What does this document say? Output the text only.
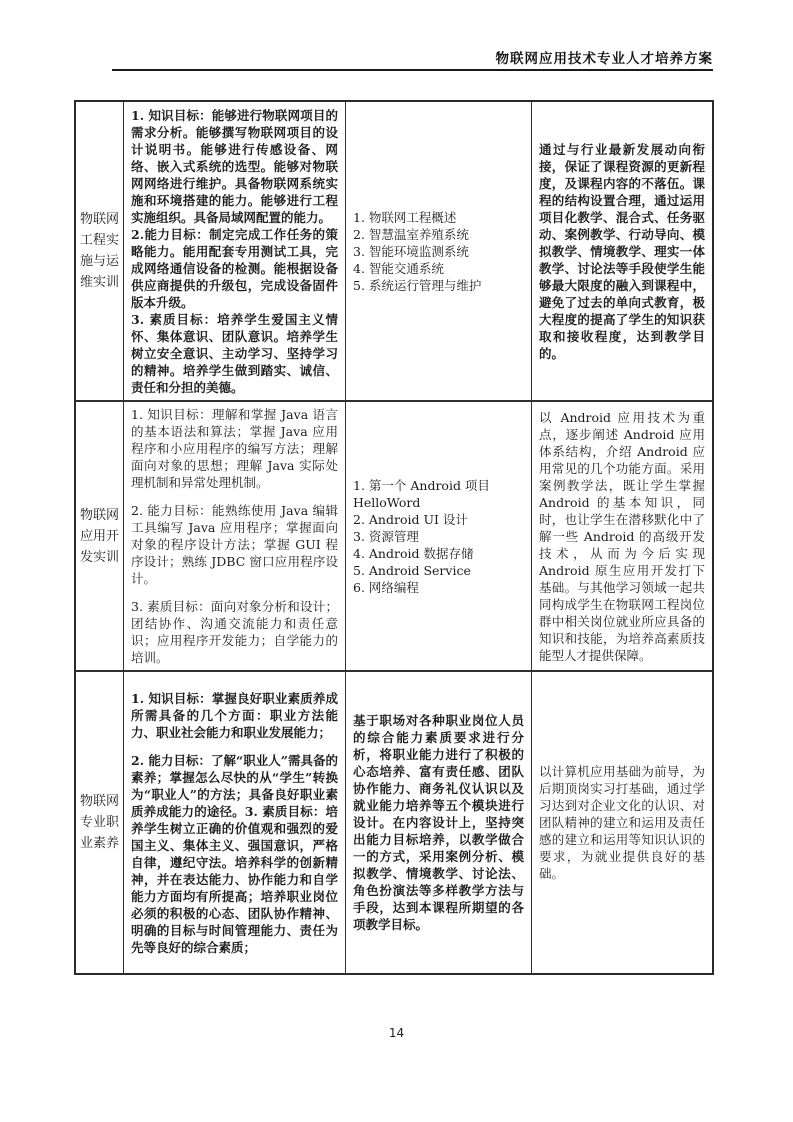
物联网应用技术专业人才培养方案
物联网工程实施与运维实训

1. 知识目标：能够进行物联网项目的需求分析。能够撰写物联网项目的设计说明书。能够进行传感设备、网络、嵌入式系统的选型。能够对物联网网络进行维护。具备物联网系统实施和环境搭建的能力。能够进行工程实施组织。具备局域网配置的能力。

2.能力目标：制定完成工作任务的策略能力。能用配套专用测试工具，完成网络通信设备的检测。能根据设备供应商提供的升级包，完成设备固件版本升级。

3. 素质目标：培养学生爱国主义情怀、集体意识、团队意识。培养学生树立安全意识、主动学习、坚持学习的精神。培养学生做到踏实、诚信、责任和分担的美德。

1. 物联网工程概述

2. 智慧温室养殖系统

3. 智能环境监测系统

4. 智能交通系统

5. 系统运行管理与维护

通过与行业最新发展动向衔接，保证了课程资源的更新程度，及课程内容的不落伍。课程的结构设置合理，通过运用项目化教学、混合式、任务驱动、案例教学、行动导向、模拟教学、情境教学、理实一体教学、讨论法等手段使学生能够最大限度的融入到课程中，避免了过去的单向式教育，极大程度的提高了学生的知识获取和接收程度，达到教学目的。

物联网应用开发实训

1. 知识目标：理解和掌握 Java 语言的基本语法和算法；掌握 Java 应用程序和小应用程序的编写方法；理解面向对象的思想；理解 Java 实际处理机制和异常处理机制。

2. 能力目标：能熟练使用 Java 编辑工具编写 Java 应用程序；掌握面向对象的程序设计方法；掌握 GUI 程序设计；熟练 JDBC 窗口应用程序设计。

3. 素质目标：面向对象分析和设计；团结协作、沟通交流能力和责任意识；应用程序开发能力；自学能力的培训。

1. 第一个 Android 项目 HelloWord

2. Android UI 设计

3. 资源管理

4. Android 数据存储

5. Android Service

6. 网络编程

以 Android 应用技术为重点，逐步阐述 Android 应用体系结构，介绍 Android 应用常见的几个功能方面。采用案例教学法，既让学生掌握 Android 的基本知识，同时，也让学生在潜移默化中了解一些 Android 的高级开发技术，从而为今后实现 Android 原生应用开发打下基础。与其他学习领域一起共同构成学生在物联网工程岗位群中相关岗位就业所应具备的知识和技能，为培养高素质技能型人才提供保障。

物联网专业职业素养

1. 知识目标：掌握良好职业素质养成所需具备的几个方面：职业方法能力、职业社会能力和职业发展能力；

2. 能力目标：了解“职业人”需具备的素养；掌握怎么尽快的从“学生”转换为“职业人”的方法；具备良好职业素质养成能力的途径。3. 素质目标：培养学生树立正确的价值观和强烈的爱国主义、集体主义、强国意识，严格自律，遵纪守法。培养科学的创新精神，并在表达能力、协作能力和自学能力方面均有所提高；培养职业岗位必须的积极的心态、团队协作精神、明确的目标与时间管理能力、责任为先等良好的综合素质；

基于职场对各种职业岗位人员的综合能力素质要求进行分析，将职业能力进行了积极的心态培养、富有责任感、团队协作能力、商务礼仪认识以及就业能力培养等五个模块进行设计。在内容设计上，坚持突出能力目标培养，以教学做合一的方式，采用案例分析、模拟教学、情境教学、讨论法、角色扮演法等多样教学方法与手段，达到本课程所期望的各项教学目标。

以计算机应用基础为前导，为后期顶岗实习打基础，通过学习达到对企业文化的认识、对团队精神的建立和运用及责任感的建立和运用等知识认识的要求，为就业提供良好的基础。

14
